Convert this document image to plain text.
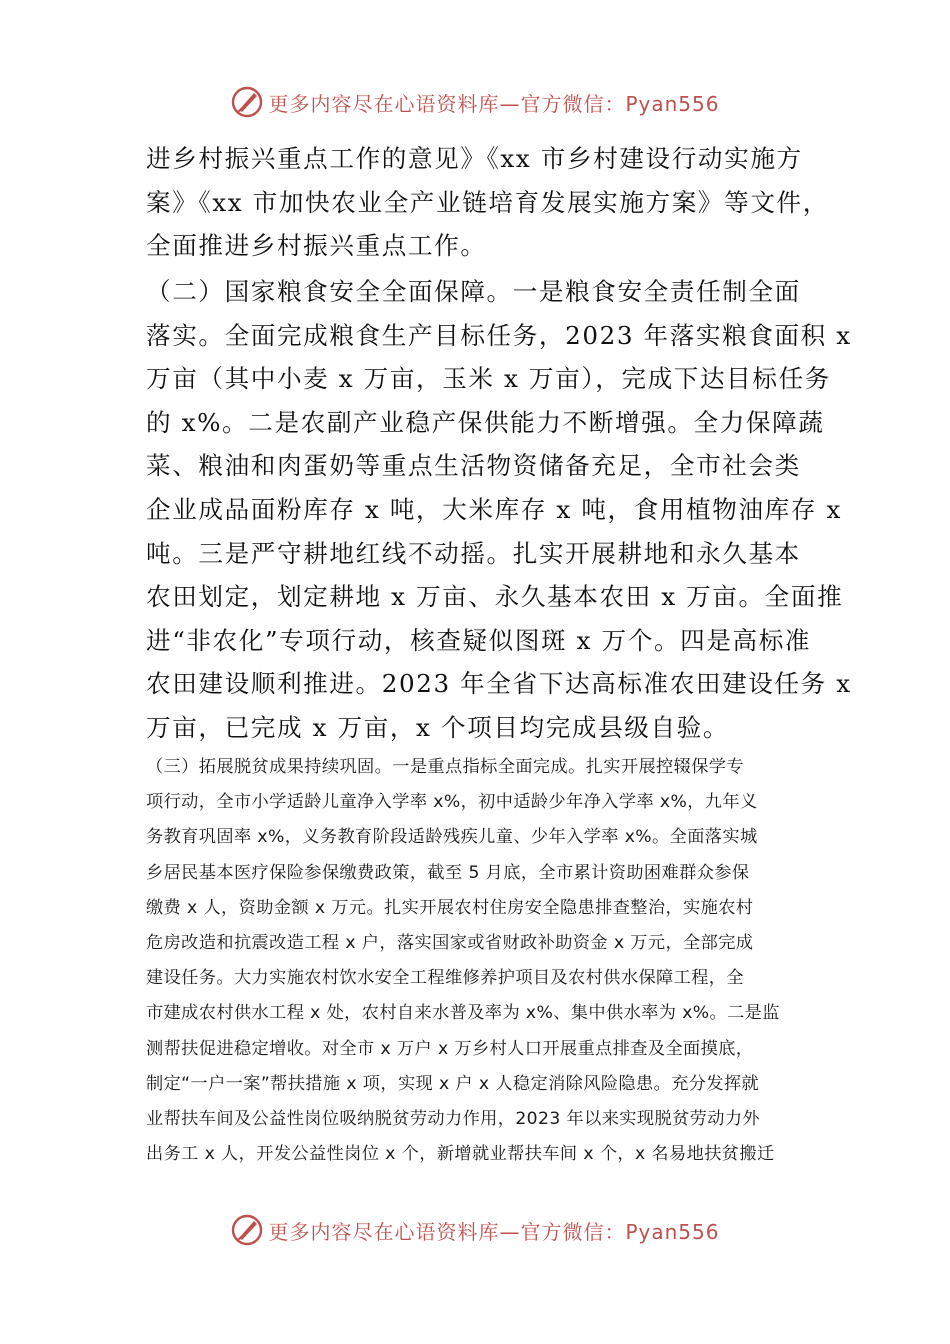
更多内容尽在心语资料库—官方微信：Pyan556
进乡村振兴重点工作的意见》《xx 市乡村建设行动实施方
案》《xx 市加快农业全产业链培育发展实施方案》等文件，
全面推进乡村振兴重点工作。
（二）国家粮食安全全面保障。一是粮食安全责任制全面
落实。全面完成粮食生产目标任务，2023 年落实粮食面积 x
万亩（其中小麦 x 万亩，玉米 x 万亩），完成下达目标任务
的 x%。二是农副产业稳产保供能力不断增强。全力保障蔬
菜、粮油和肉蛋奶等重点生活物资储备充足，全市社会类
企业成品面粉库存 x 吨，大米库存 x 吨，食用植物油库存 x
吨。三是严守耕地红线不动摇。扎实开展耕地和永久基本
农田划定，划定耕地 x 万亩、永久基本农田 x 万亩。全面推
进“非农化”专项行动，核查疑似图斑 x 万个。四是高标准
农田建设顺利推进。2023 年全省下达高标准农田建设任务 x
万亩，已完成 x 万亩，x 个项目均完成县级自验。
（三）拓展脱贫成果持续巩固。一是重点指标全面完成。扎实开展控辍保学专
项行动，全市小学适龄儿童净入学率 x%，初中适龄少年净入学率 x%，九年义
务教育巩固率 x%，义务教育阶段适龄残疾儿童、少年入学率 x%。全面落实城
乡居民基本医疗保险参保缴费政策，截至 5 月底，全市累计资助困难群众参保
缴费 x 人，资助金额 x 万元。扎实开展农村住房安全隐患排查整治，实施农村
危房改造和抗震改造工程 x 户，落实国家或省财政补助资金 x 万元，全部完成
建设任务。大力实施农村饮水安全工程维修养护项目及农村供水保障工程，全
市建成农村供水工程 x 处，农村自来水普及率为 x%、集中供水率为 x%。二是监
测帮扶促进稳定增收。对全市 x 万户 x 万乡村人口开展重点排查及全面摸底，
制定“一户一案”帮扶措施 x 项，实现 x 户 x 人稳定消除风险隐患。充分发挥就
业帮扶车间及公益性岗位吸纳脱贫劳动力作用，2023 年以来实现脱贫劳动力外
出务工 x 人，开发公益性岗位 x 个，新增就业帮扶车间 x 个，x 名易地扶贫搬迁
更多内容尽在心语资料库—官方微信：Pyan556
